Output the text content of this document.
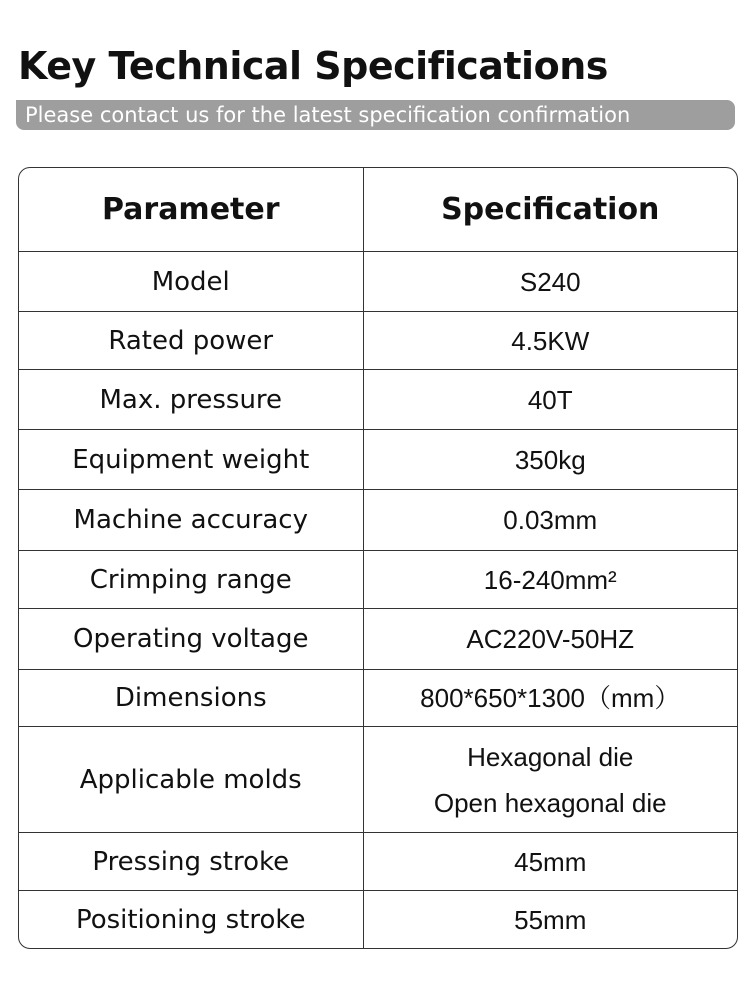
Key Technical Specifications
Please contact us for the latest specification confirmation
Parameter	Specification
Model	S240
Rated power	4.5KW
Max. pressure	40T
Equipment weight	350kg
Machine accuracy	0.03mm
Crimping range	16-240mm²
Operating voltage	AC220V-50HZ
Dimensions	800*650*1300（mm）
Applicable molds	Hexagonal die
Open hexagonal die

Pressing stroke	45mm
Positioning stroke	55mm
